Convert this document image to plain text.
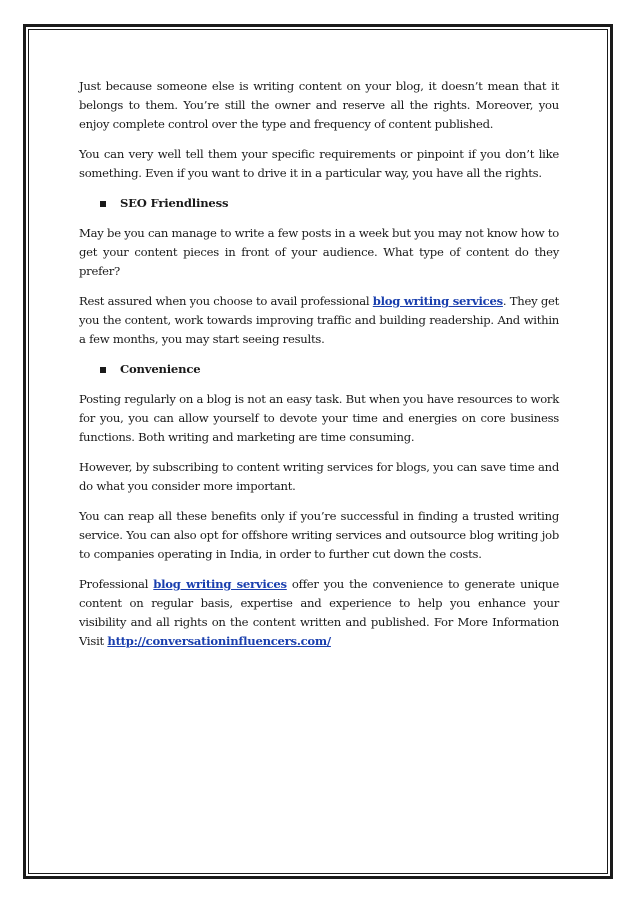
Just because someone else is writing content on your blog, it doesn’t mean that it belongs to them. You’re still the owner and reserve all the rights. Moreover, you enjoy complete control over the type and frequency of content published.

You can very well tell them your specific requirements or pinpoint if you don’t like something. Even if you want to drive it in a particular way, you have all the rights.

SEO Friendliness

May be you can manage to write a few posts in a week but you may not know how to get your content pieces in front of your audience. What type of content do they prefer?

Rest assured when you choose to avail professional blog writing services. They get you the content, work towards improving traffic and building readership. And within a few months, you may start seeing results.

Convenience

Posting regularly on a blog is not an easy task. But when you have resources to work for you, you can allow yourself to devote your time and energies on core business functions. Both writing and marketing are time consuming.

However, by subscribing to content writing services for blogs, you can save time and do what you consider more important.

You can reap all these benefits only if you’re successful in finding a trusted writing service. You can also opt for offshore writing services and outsource blog writing job to companies operating in India, in order to further cut down the costs.

Professional blog writing services offer you the convenience to generate unique content on regular basis, expertise and experience to help you enhance your visibility and all rights on the content written and published. For More Information Visit http://conversationinfluencers.com/
